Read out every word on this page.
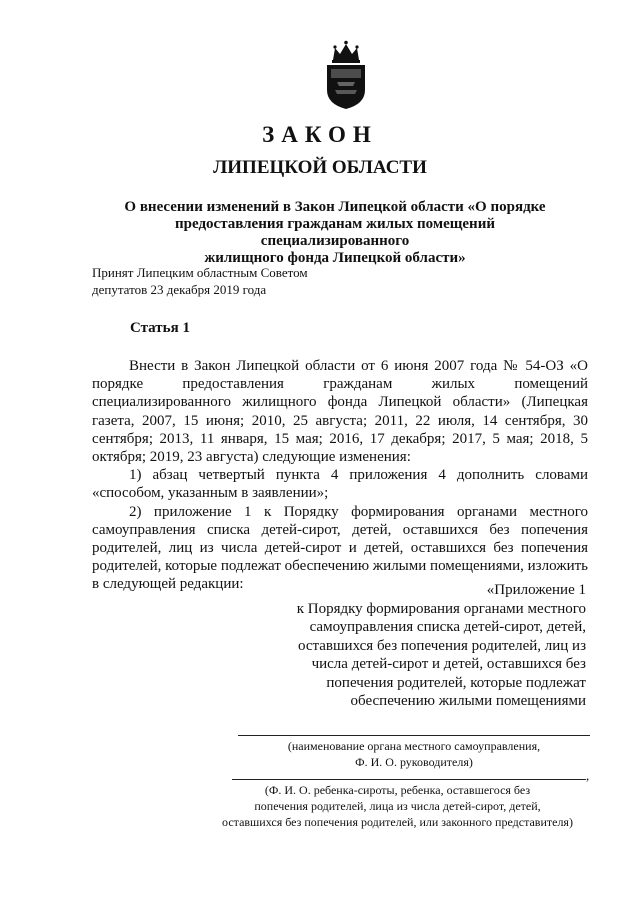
ЗАКОН
ЛИПЕЦКОЙ ОБЛАСТИ
О внесении изменений в Закон Липецкой области «О порядке
предоставления гражданам жилых помещений специализированного
жилищного фонда Липецкой области»
Принят Липецким областным Советом
депутатов 23 декабря 2019 года
Статья 1

Внести в Закон Липецкой области от 6 июня 2007 года № 54-ОЗ «О порядке предоставления гражданам жилых помещений специализированного жилищного фонда Липецкой области» (Липецкая газета, 2007, 15 июня; 2010, 25 августа; 2011, 22 июля, 14 сентября, 30 сентября; 2013, 11 января, 15 мая; 2016, 17 декабря; 2017, 5 мая; 2018, 5 октября; 2019, 23 августа) следующие изменения:

1) абзац четвертый пункта 4 приложения 4 дополнить словами «способом, указанным в заявлении»;

2) приложение 1 к Порядку формирования органами местного самоуправления списка детей-сирот, детей, оставшихся без попечения родителей, лиц из числа детей-сирот и детей, оставшихся без попечения родителей, которые подлежат обеспечению жилыми помещениями, изложить в следующей редакции:	«Приложение 1
к Порядку формирования органами местного
самоуправления списка детей-сирот, детей,
оставшихся без попечения родителей, лиц из
числа детей-сирот и детей, оставшихся без
попечения родителей, которые подлежат
обеспечению жилыми помещениями
(наименование органа местного самоуправления,
Ф. И. О. руководителя)
,
(Ф. И. О. ребенка-сироты, ребенка, оставшегося без
попечения родителей, лица из числа детей-сирот, детей,
оставшихся без попечения родителей, или законного представителя)
